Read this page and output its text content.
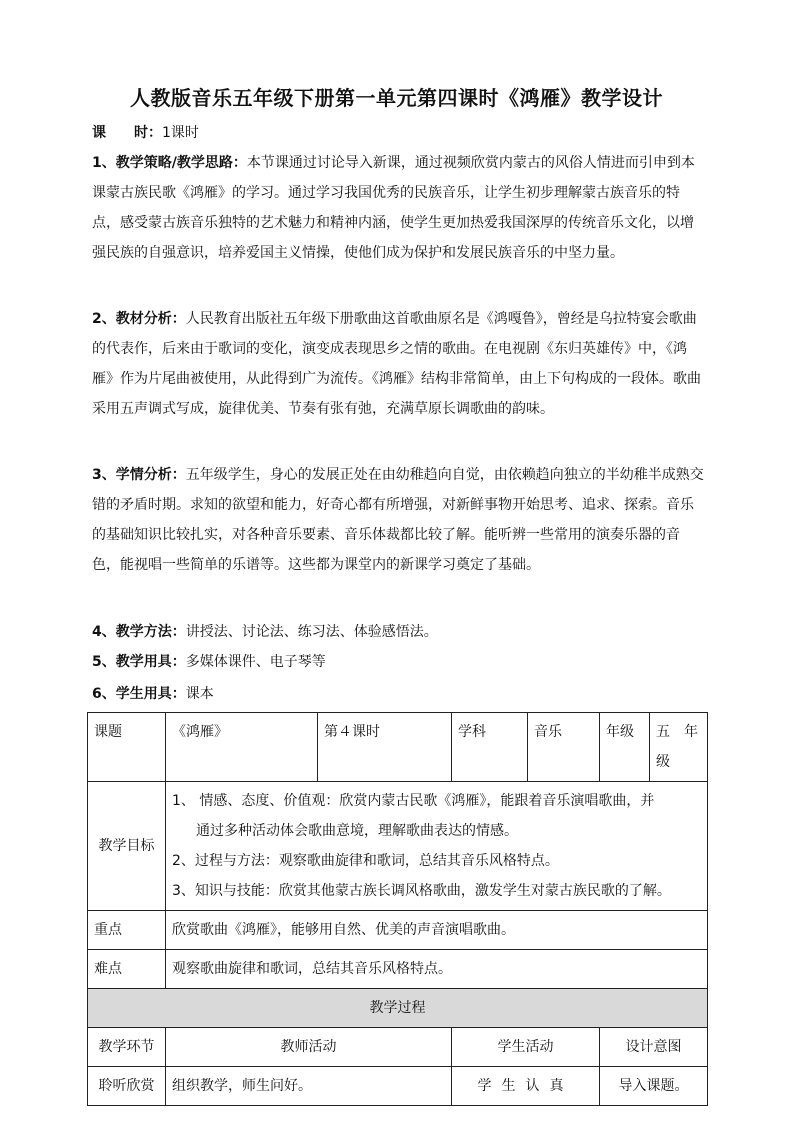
人教版音乐五年级下册第一单元第四课时《鸿雁》教学设计
课　　时：1课时
1、教学策略/教学思路：本节课通过讨论导入新课，通过视频欣赏内蒙古的风俗人情进而引申到本课蒙古族民歌《鸿雁》的学习。通过学习我国优秀的民族音乐，让学生初步理解蒙古族音乐的特点，感受蒙古族音乐独特的艺术魅力和精神内涵，使学生更加热爱我国深厚的传统音乐文化，以增强民族的自强意识，培养爱国主义情操，使他们成为保护和发展民族音乐的中坚力量。
2、教材分析：人民教育出版社五年级下册歌曲这首歌曲原名是《鸿嘎鲁》，曾经是乌拉特宴会歌曲的代表作，后来由于歌词的变化，演变成表现思乡之情的歌曲。在电视剧《东归英雄传》中，《鸿雁》作为片尾曲被使用，从此得到广为流传。《鸿雁》结构非常简单，由上下句构成的一段体。歌曲采用五声调式写成，旋律优美、节奏有张有弛，充满草原长调歌曲的韵味。
3、学情分析：五年级学生，身心的发展正处在由幼稚趋向自觉，由依赖趋向独立的半幼稚半成熟交错的矛盾时期。求知的欲望和能力，好奇心都有所增强，对新鲜事物开始思考、追求、探索。音乐的基础知识比较扎实，对各种音乐要素、音乐体裁都比较了解。能听辨一些常用的演奏乐器的音色，能视唱一些简单的乐谱等。这些都为课堂内的新课学习奠定了基础。
4、教学方法：讲授法、讨论法、练习法、体验感悟法。
5、教学用具：多媒体课件、电子琴等
6、学生用具：课本
课题	《鸿雁》	第４课时	学科	音乐	年级	五　年级
教学目标	1、 情感、态度、价值观：欣赏内蒙古民歌《鸿雁》，能跟着音乐演唱歌曲，并
通过多种活动体会歌曲意境，理解歌曲表达的情感。
2、过程与方法：观察歌曲旋律和歌词，总结其音乐风格特点。
3、知识与技能：欣赏其他蒙古族长调风格歌曲，激发学生对蒙古族民歌的了解。					

重点	欣赏歌曲《鸿雁》，能够用自然、优美的声音演唱歌曲。					
难点	观察歌曲旋律和歌词，总结其音乐风格特点。					
教学过程						
教学环节	教师活动		学生活动		设计意图	
聆听欣赏	组织教学，师生问好。		学生认真		导入课题。	
